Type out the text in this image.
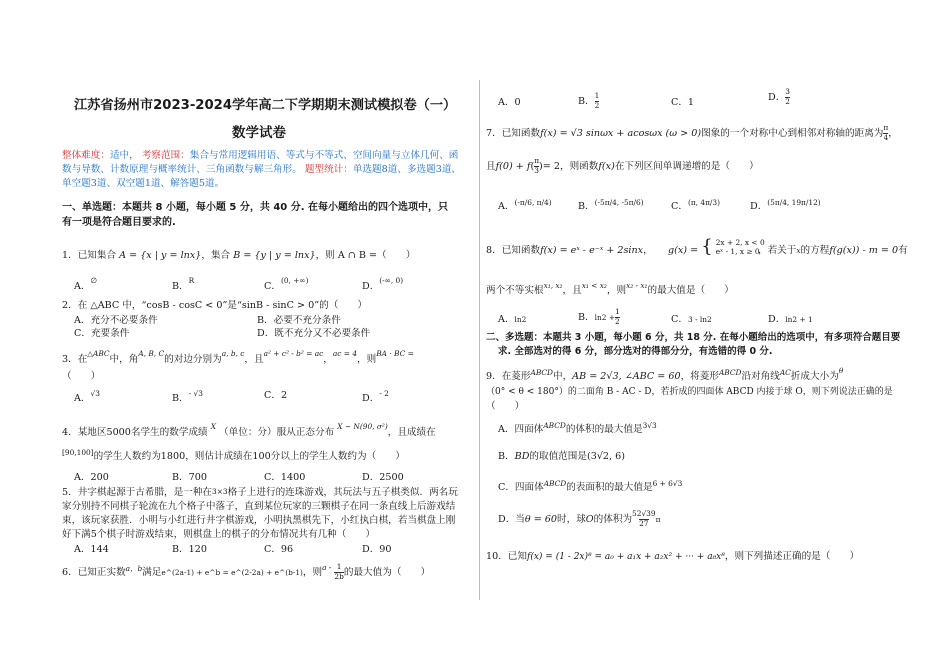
江苏省扬州市2023-2024学年高二下学期期末测试模拟卷（一）
数学试卷
整体难度：适中， 考察范围：集合与常用逻辑用语、等式与不等式、空间向量与立体几何、函
数与导数、计数原理与概率统计、三角函数与解三角形。 题型统计：单选题8道、多选题3道、
单空题3道、双空题1道、解答题5道。
一、单选题：本题共 8 小题，每小题 5 分，共 40 分. 在每小题给出的四个选项中，只
有一项是符合题目要求的.
1．已知集合 A = {x | y = lnx}，集合 B = {y | y = lnx}，则 A ∩ B =（　　）
A．∅
B．$^R$
C．$^{(0, +\infty)}$
D．$^{(-\infty, 0)}$
2．在 △ABC 中，“cosB - cosC < 0”是“sinB - sinC > 0”的（　　）
A．充分不必要条件	B．必要不充分条件
C．充要条件	D．既不充分又不必要条件
3．在$^{\triangle ABC}$中，角$^{A, B, C}$的对边分别为$^{a, b, c}$，且$^{a^2 + c^2 - b^2 = ac}$，$^{ac = 4}$，则$^{BA \cdot BC =}$
（　　）
A．$^{√3}$	B．$^{- √3}$	C．2	D．$^{- 2}$
4．某地区5000名学生的数学成绩 $^X$ （单位：分）服从正态分布 $^{X \sim N(90, \sigma^2)}$，且成绩在
[90,100]的学生人数约为1800，则估计成绩在100分以上的学生人数约为（　　）
A．200	B．700	C．1400	D．2500
5．井字棋起源于古希腊，是一种在3×3格子上进行的连珠游戏，其玩法与五子棋类似．两名玩
家分别持不同棋子轮流在九个格子中落子，直到某位玩家的三颗棋子在同一条直线上后游戏结
束，该玩家获胜．小明与小红进行井字棋游戏，小明执黑棋先下，小红执白棋，若当棋盘上刚
好下满5个棋子时游戏结束，则棋盘上的棋子的分布情况共有几种（　　）
A．144	B．120	C．96	D．90
6．已知正实数$^{a,b}$满足e^(2a-1) + e^b = e^(2-2a) + e^(b-1)，则$^{a -} \frac{1}{2b}$ 的最大值为（　　）
A．0	B． $\frac{1}{2}$	C．1	D． $\frac{3}{2}$
7．已知函数f(x) = √3 sinωx + acosωx (ω > 0)图象的一个对称中心到相邻对称轴的距离为 $\frac{\pi}{4}$ ，
且$f(0) + f( \frac{\pi}{3}$ )= 2，则函数f(x)在下列区间单调递增的是（　　）
A．$^{(-\pi/6, \pi/4)}$	B．$^{(-5\pi/4, -5\pi/6)}$	C．$^{(\pi, 4\pi/3)}$	D．$^{(5\pi/4, 19\pi/12)}$
8．已知函数f(x) = eˣ - e⁻ˣ + 2sinx， g(x) = { 2x + 2, x < 0
eˣ - 1, x ≥ 0
，若关于x的方程f(g(x)) - m = 0有
两个不等实根$^{x_1, x_2}$，且$^{x_1 < x_2}$，则$^{x_2 - x_1}$的最大值是（　　）
A．ln2	B．$\ln 2 + \frac{1}{2}$	C．3 - ln2	D．ln2 + 1
二、多选题：本题共 3 小题，每小题 6 分，共 18 分. 在每小题给出的选项中，有多项符合题目要
求. 全部选对的得 6 分，部分选对的得部分分，有选错的得 0 分.
9．在菱形$^{ABCD}$中，AB = 2√3, ∠ABC = 60，将菱形$^{ABCD}$沿对角线$^{AC}$折成大小为$^\theta$
（0° < θ < 180°）的二面角 B - AC - D，若折成的四面体 ABCD 内接于球 O，则下列说法正确的是
（　　）
A．四面体$^{ABCD}$的体积的最大值是$^{3√3}$
B．BD的取值范围是(3√2, 6)
C．四面体$^{ABCD}$的表面积的最大值是$^{6 + 6√3}$
D．当θ = 60时，球O的体积为 $\frac{52√39}{27}$ π
10．已知f(x) = (1 - 2x)⁸ = a₀ + a₁x + a₂x² + ··· + a₈x⁸，则下列描述正确的是（　　）
